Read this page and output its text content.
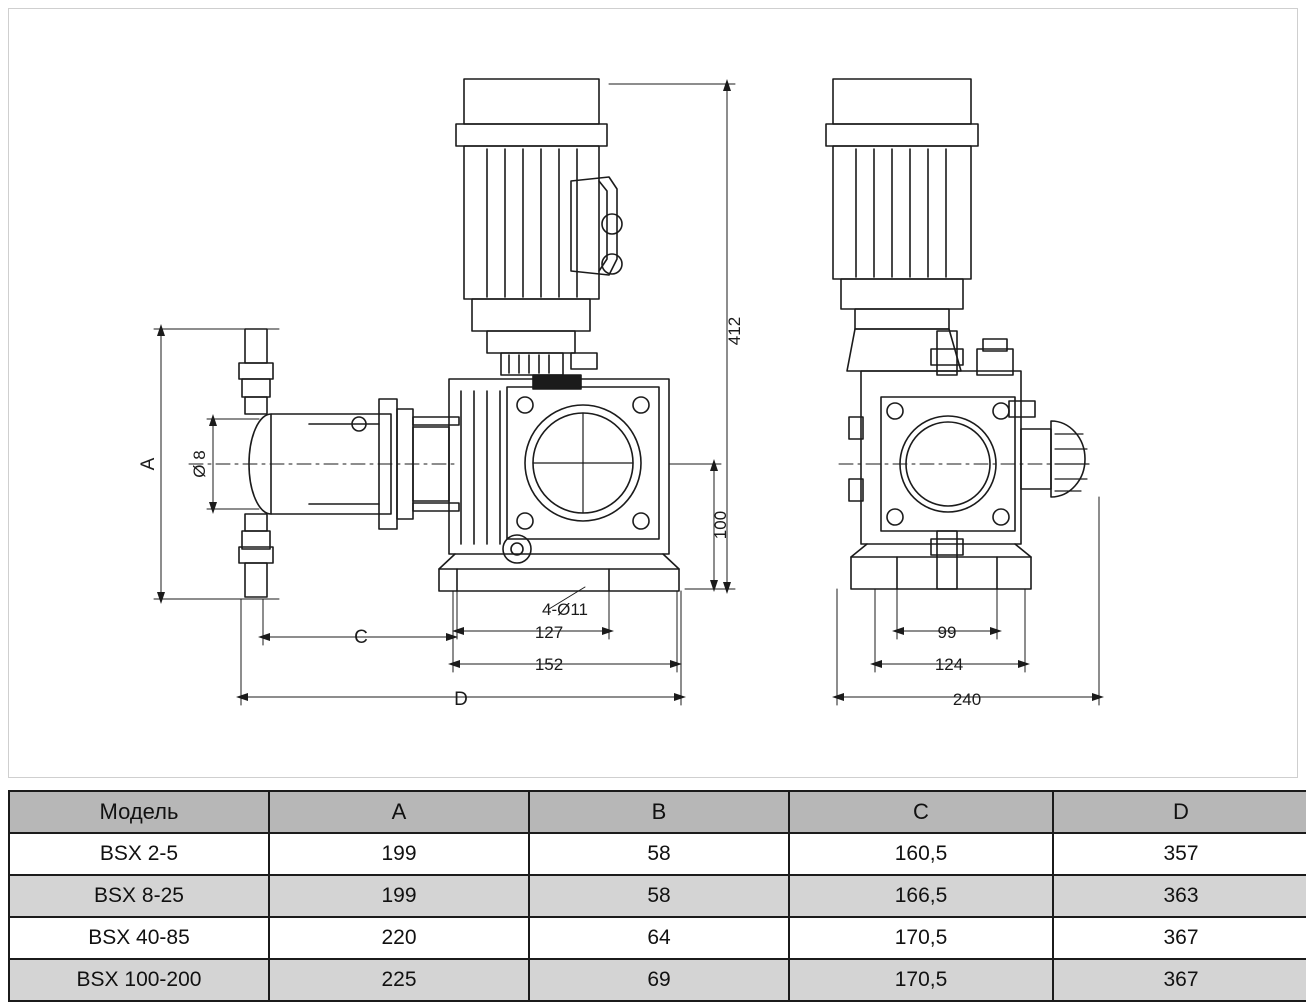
412
Ø 8
A
100
4-Ø11
127
152
C
D
99
124
240
Модель	A	B	C	D
BSX 2-5	199	58	160,5	357
BSX 8-25	199	58	166,5	363
BSX 40-85	220	64	170,5	367
BSX 100-200	225	69	170,5	367
